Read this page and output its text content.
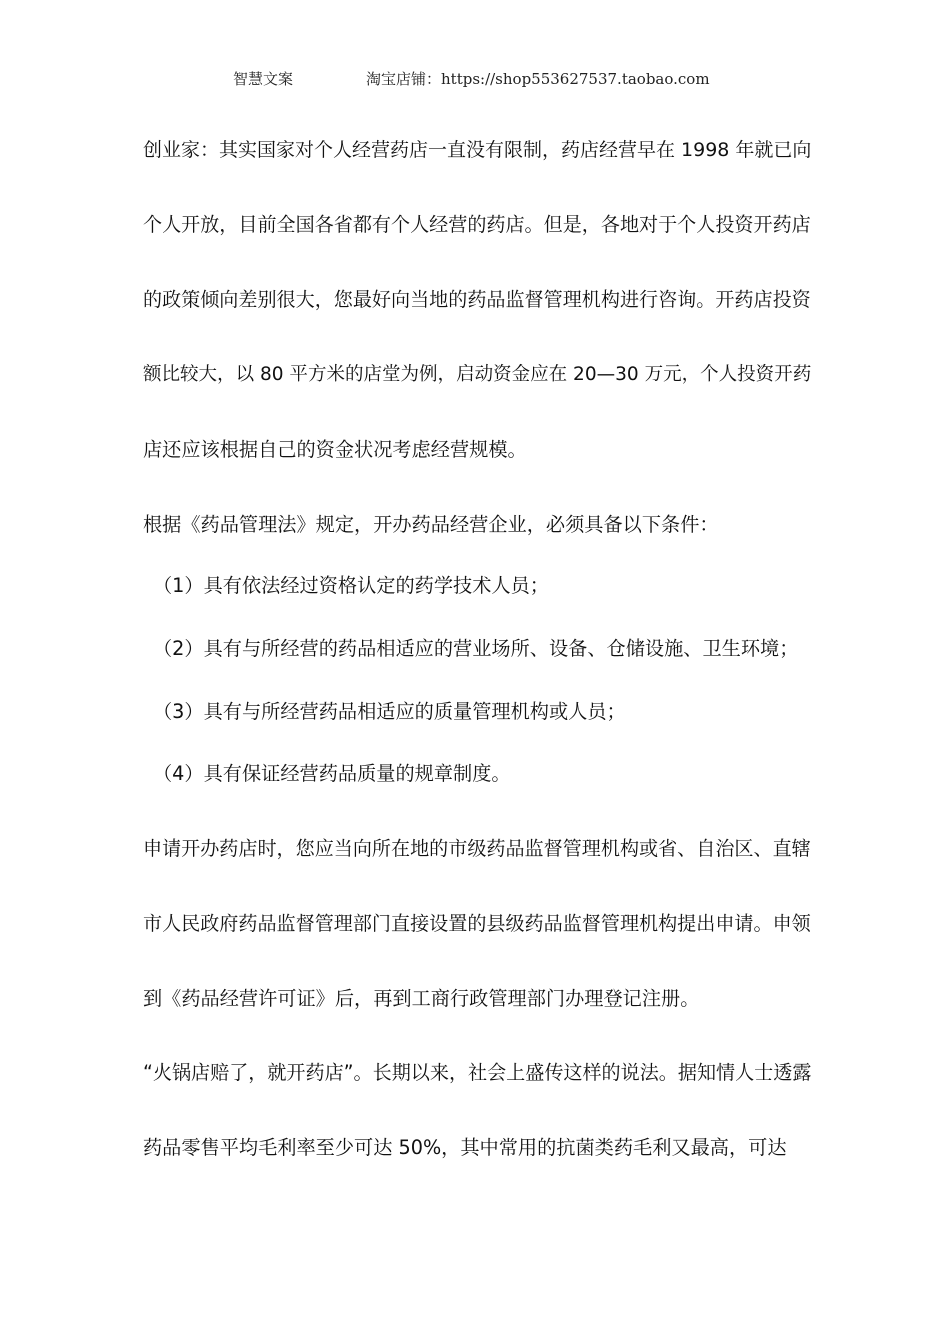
智慧文案	淘宝店铺：https://shop553627537.taobao.com
创业家：其实国家对个人经营药店一直没有限制，药店经营早在 1998 年就已向
个人开放，目前全国各省都有个人经营的药店。但是，各地对于个人投资开药店
的政策倾向差别很大，您最好向当地的药品监督管理机构进行咨询。开药店投资
额比较大，以 80 平方米的店堂为例，启动资金应在 20—30 万元，个人投资开药
店还应该根据自己的资金状况考虑经营规模。
根据《药品管理法》规定，开办药品经营企业，必须具备以下条件：
（1）具有依法经过资格认定的药学技术人员；
（2）具有与所经营的药品相适应的营业场所、设备、仓储设施、卫生环境；
（3）具有与所经营药品相适应的质量管理机构或人员；
（4）具有保证经营药品质量的规章制度。
申请开办药店时，您应当向所在地的市级药品监督管理机构或省、自治区、直辖
市人民政府药品监督管理部门直接设置的县级药品监督管理机构提出申请。申领
到《药品经营许可证》后，再到工商行政管理部门办理登记注册。
“火锅店赔了，就开药店”。长期以来，社会上盛传这样的说法。据知情人士透露
药品零售平均毛利率至少可达 50%，其中常用的抗菌类药毛利又最高，可达
